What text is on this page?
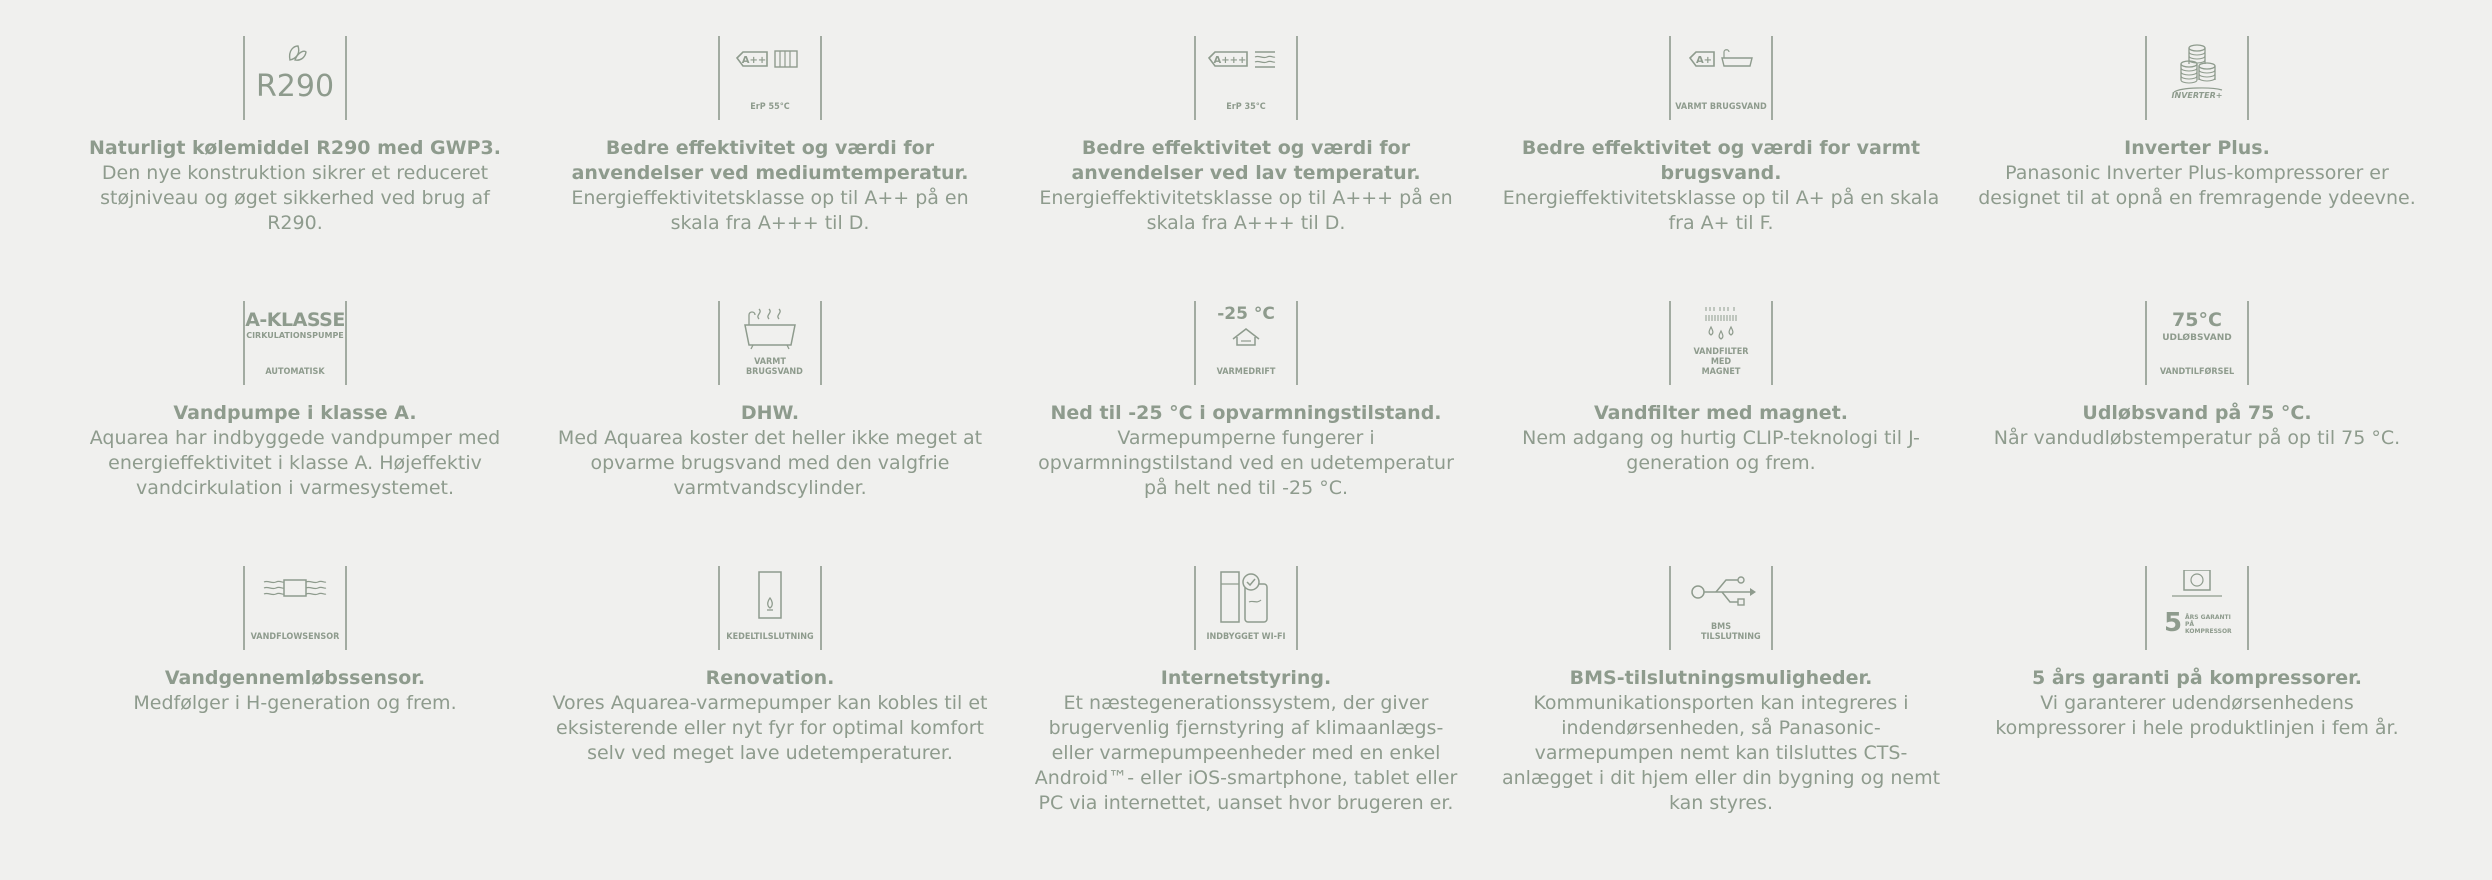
R290
Naturligt kølemiddel R290 med GWP3.
Den nye konstruktion sikrer et reduceret støjniveau og øget sikkerhed ved brug af R290.
A++
ErP 55°C
Bedre effektivitet og værdi for anvendelser ved mediumtemperatur.
Energieffektivitetsklasse op til A++ på en skala fra A+++ til D.
A+++
ErP 35°C
Bedre effektivitet og værdi for anvendelser ved lav temperatur.
Energieffektivitetsklasse op til A+++ på en skala fra A+++ til D.
A+
VARMT BRUGSVAND
Bedre effektivitet og værdi for varmt brugsvand.
Energieffektivitetsklasse op til A+ på en skala fra A+ til F.
INVERTER+
Inverter Plus.
Panasonic Inverter Plus-kompressorer er designet til at opnå en fremragende ydeevne.
A-KLASSE
CIRKULATIONSPUMPE
AUTOMATISK
Vandpumpe i klasse A.
Aquarea har indbyggede vandpumper med energieffektivitet i klasse A. Højeffektiv vandcirkulation i varmesystemet.
VARMT BRUGSVAND
DHW.
Med Aquarea koster det heller ikke meget at opvarme brugsvand med den valgfrie varmtvandscylinder.
-25 °C
VARMEDRIFT
Ned til -25 °C i opvarmningstilstand.
Varmepumperne fungerer i opvarmningstilstand ved en udetemperatur på helt ned til -25 °C.
VANDFILTER MED MAGNET
Vandfilter med magnet.
Nem adgang og hurtig CLIP-teknologi til J-generation og frem.
75°C
UDLØBSVAND
VANDTILFØRSEL
Udløbsvand på 75 °C.
Når vandudløbstemperatur på op til 75 °C.
VANDFLOWSENSOR
Vandgennemløbssensor.
Medfølger i H-generation og frem.
KEDELTILSLUTNING
Renovation.
Vores Aquarea-varmepumper kan kobles til et eksisterende eller nyt fyr for optimal komfort selv ved meget lave udetemperaturer.
INDBYGGET WI-FI
Internetstyring.
Et næstegenerationssystem, der giver brugervenlig fjernstyring af klimaanlægs- eller varmepumpeenheder med en enkel Android™- eller iOS-smartphone, tablet eller PC via internettet, uanset hvor brugeren er.
BMS TILSLUTNING
BMS-tilslutningsmuligheder.
Kommunikationsporten kan integreres i indendørsenheden, så Panasonic-varmepumpen nemt kan tilsluttes CTS-anlægget i dit hjem eller din bygning og nemt kan styres.
5 ÅRS GARANTI PÅ KOMPRESSOR
5 års garanti på kompressorer.
Vi garanterer udendørsenhedens kompressorer i hele produktlinjen i fem år.
